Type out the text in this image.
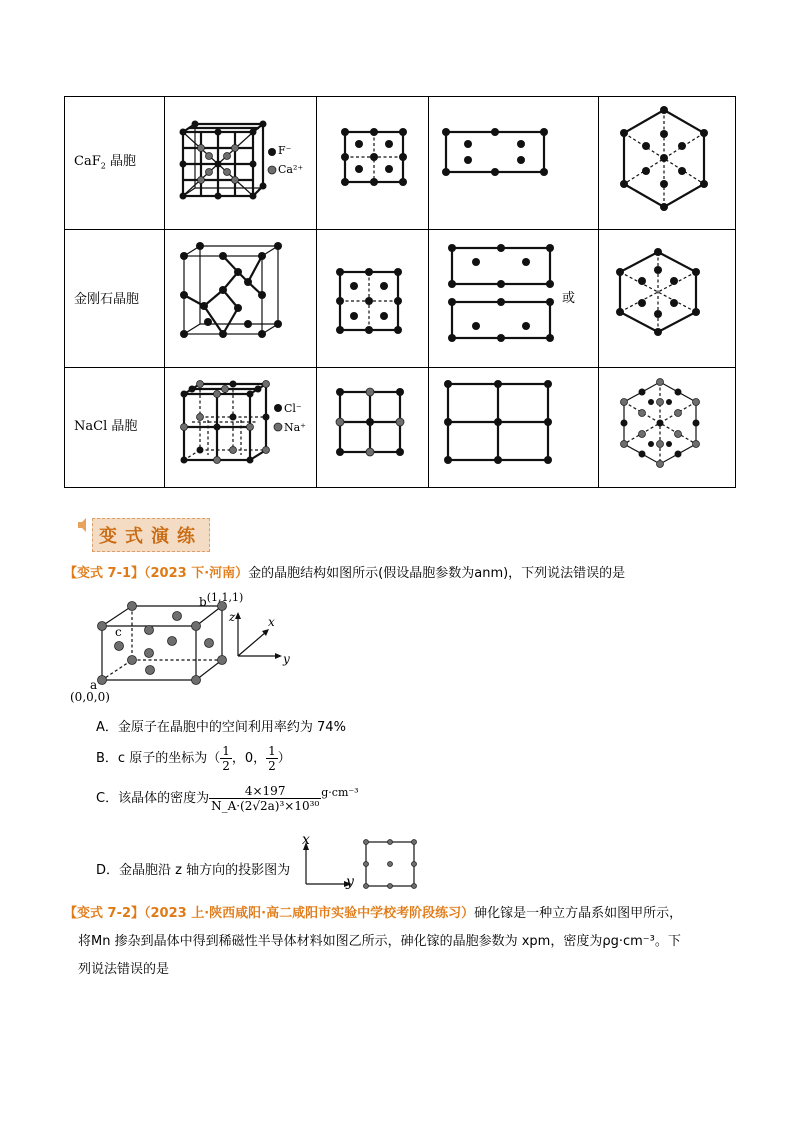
CaF$_2$ 晶胞
金刚石晶胞
NaCl 晶胞
F⁻
Ca²⁺
或
Cl⁻
Na⁺
变式演练
【变式 7-1】（2023 下·河南）金的晶胞结构如图所示(假设晶胞参数为anm)，下列说法错误的是
$b^{(1,1,1)}$
c
a
(0,0,0)
z	x
y
A．金原子在晶胞中的空间利用率约为 74%
B．c 原子的坐标为（ $\frac{1}{2}$ ，0， $\frac{1}{2}$ ）
C．该晶体的密度为 $\frac{4\times 197}{\text{N\_A·(2√2a)³×10³⁰}} ^{g\cdot cm^{-3}}$
D．金晶胞沿 z 轴方向的投影图为
x
y
【变式 7-2】（2023 上·陕西咸阳·高二咸阳市实验中学校考阶段练习）砷化镓是一种立方晶系如图甲所示，
将Mn 掺杂到晶体中得到稀磁性半导体材料如图乙所示，砷化镓的晶胞参数为 xpm，密度为ρg·cm⁻³。下
列说法错误的是
